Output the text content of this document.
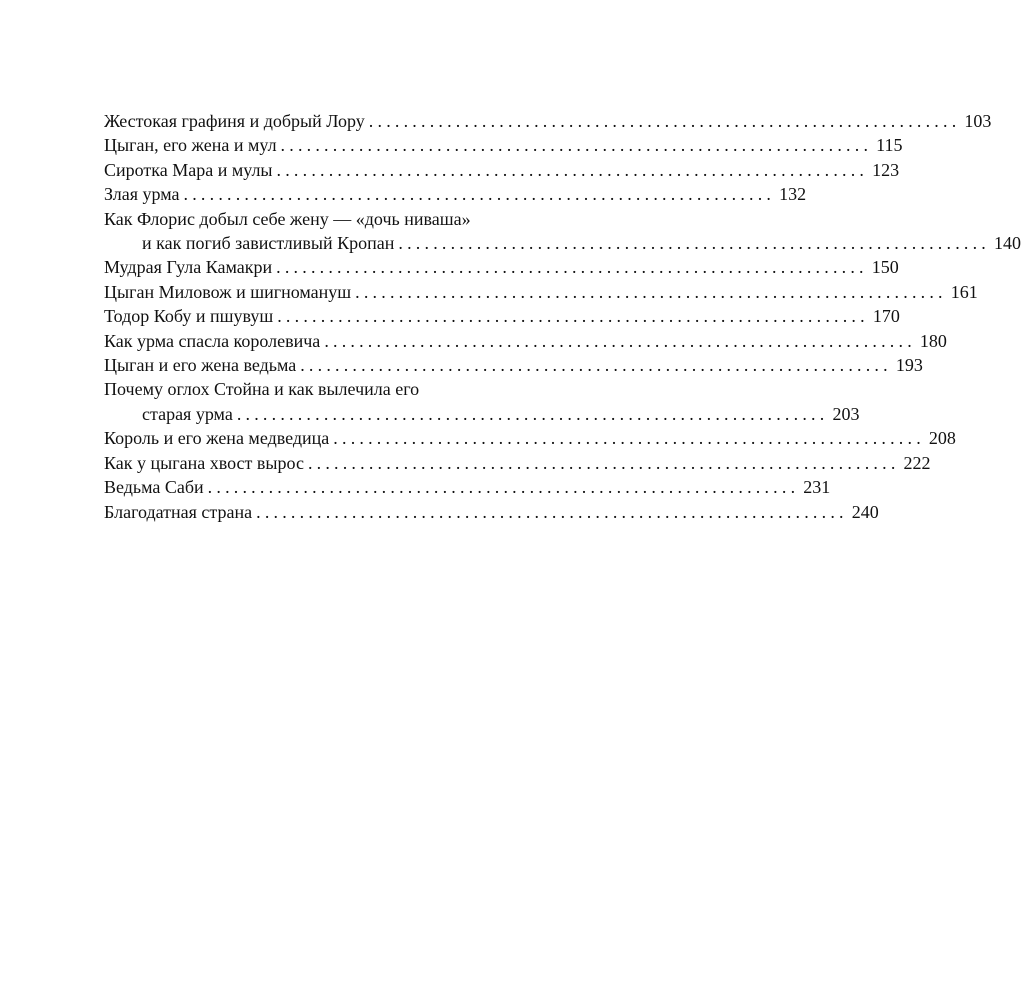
Жестокая графиня и добрый Лору .................................................................... 103
Цыган, его жена и мул .................................................................... 115
Сиротка Мара и мулы .................................................................... 123
Злая урма .................................................................... 132
Как Флорис добыл себе жену — «дочь ниваша»
и как погиб завистливый Кропан .................................................................... 140
Мудрая Гула Камакри .................................................................... 150
Цыган Миловож и шигномануш .................................................................... 161
Тодор Кобу и пшувуш .................................................................... 170
Как урма спасла королевича .................................................................... 180
Цыган и его жена ведьма .................................................................... 193
Почему оглох Стойна и как вылечила его
старая урма .................................................................... 203
Король и его жена медведица .................................................................... 208
Как у цыгана хвост вырос .................................................................... 222
Ведьма Саби .................................................................... 231
Благодатная страна .................................................................... 240
